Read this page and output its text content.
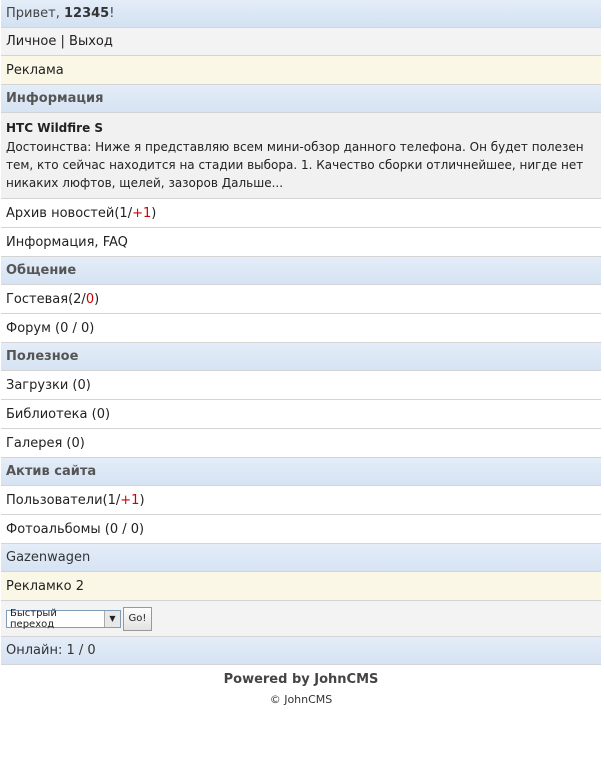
Привет,
12345 !
Личное
|
Выход
Реклама
Информация
HTC Wildfire S
Достоинства: Ниже я представляю всем мини-обзор данного телефона. Он будет полезен тем, кто сейчас находится на стадии выбора. 1. Качество сборки отличнейшее, нигде нет никаких люфтов, щелей, зазоров Дальше...
Архив новостей ( 1 / +1 )
Информация, FAQ
Общение
Гостевая ( 2 / 0 )
Форум (0 / 0)
Полезное
Загрузки (0)
Библиотека (0)
Галерея (0)
Актив сайта
Пользователи ( 1 / +1 )
Фотоальбомы (0 / 0)
Gazenwagen
Рекламко 2
Быстрый переход	▼	Go!
Онлайн:
1 / 0
Powered by JohnCMS
© JohnCMS
